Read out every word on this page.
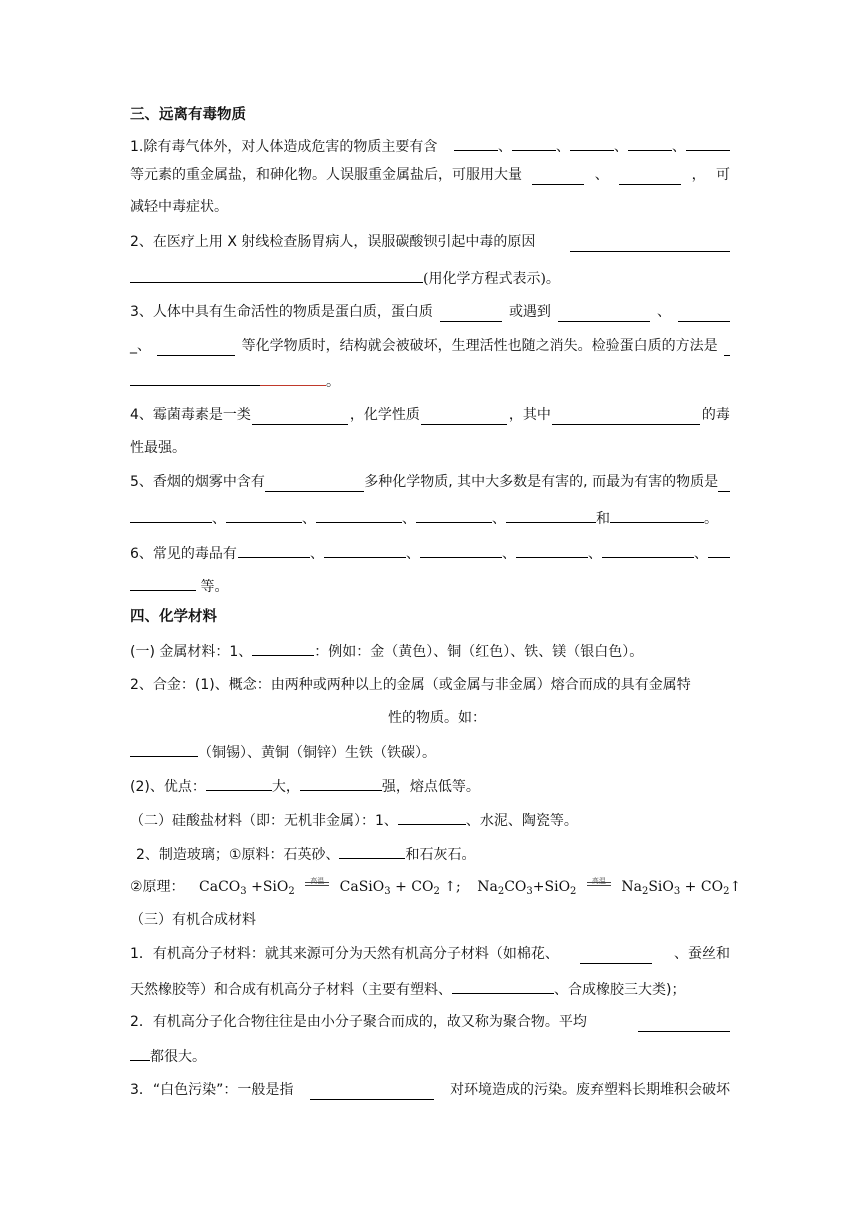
三、远离有毒物质
1.除有毒气体外，对人体造成危害的物质主要有含	、	、	、	、
等元素的重金属盐，和砷化物。人误服重金属盐后，可服用大量	、	， 可
减轻中毒症状。
2、在医疗上用 X 射线检查肠胃病人，误服碳酸钡引起中毒的原因
(用化学方程式表示)。
3、人体中具有生命活性的物质是蛋白质，蛋白质	或遇到	、
_、	等化学物质时，结构就会被破坏，生理活性也随之消失。检验蛋白质的方法是
。
4、霉菌毒素是一类	，化学性质	，其中	的毒
性最强。
5、香烟的烟雾中含有	多种化学物质, 其中大多数是有害的, 而最为有害的物质是
、	、	、	、	和	。
6、常见的毒品有	、	、	、	、	、
等。
四、化学材料
(一) 金属材料：1、	：例如：金（黄色）、铜（红色）、铁、镁（银白色）。
2、合金：(1)、概念：由两种或两种以上的金属（或金属与非金属）熔合而成的具有金属特
性的物质。如：
（铜锡）、黄铜（铜锌）生铁（铁碳）。
(2)、优点：	大，	强，熔点低等。
（二）硅酸盐材料（即：无机非金属）：1、	、水泥、陶瓷等。
2、制造玻璃；①原料：石英砂、	和石灰石。
②原理： CaCO$_3$ +SiO$_2$
高温	CaSiO$_3$ + $CO_2$ ↑; $Na_2CO_3+SiO_2$
高温	$Na_2SiO_3$ + $CO_2↑$
（三）有机合成材料
1．有机高分子材料：就其来源可分为天然有机高分子材料（如棉花、	、蚕丝和
天然橡胶等）和合成有机高分子材料（主要有塑料、	、合成橡胶三大类)；
2．有机高分子化合物往往是由小分子聚合而成的，故又称为聚合物。平均
都很大。
3．“白色污染”：一般是指	对环境造成的污染。废弃塑料长期堆积会破坏
